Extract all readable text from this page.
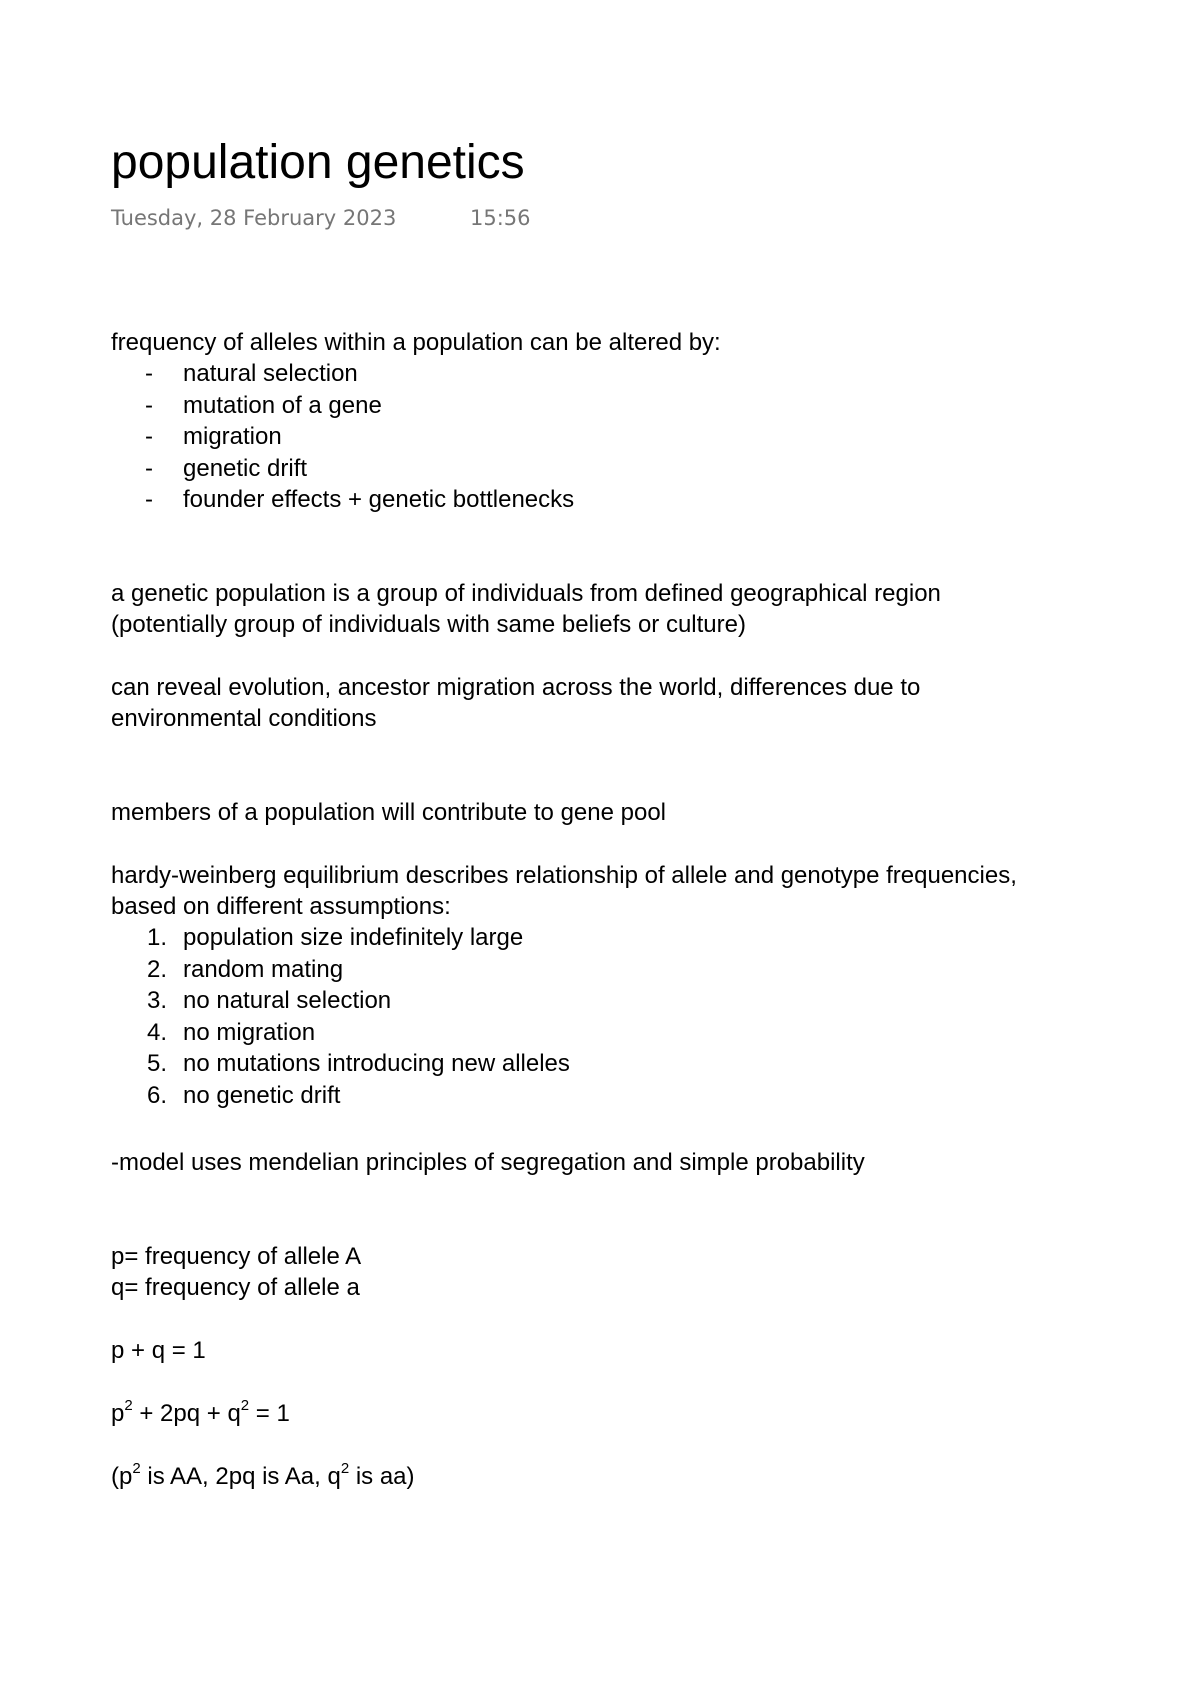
population genetics
Tuesday, 28 February 2023	15:56

frequency of alleles within a population can be altered by:

-	natural selection
-	mutation of a gene
-	migration
-	genetic drift
-	founder effects + genetic bottlenecks

a genetic population is a group of individuals from defined geographical region

(potentially group of individuals with same beliefs or culture)

can reveal evolution, ancestor migration across the world, differences due to

environmental conditions

members of a population will contribute to gene pool

hardy-weinberg equilibrium describes relationship of allele and genotype frequencies,

based on different assumptions:

1. population size indefinitely large
2. random mating
3. no natural selection
4. no migration
5. no mutations introducing new alleles
6. no genetic drift

-model uses mendelian principles of segregation and simple probability

p= frequency of allele A

q= frequency of allele a

p + q = 1

$p^2 + 2pq + q^2 = 1$

($p^2$ is AA, 2pq is Aa, $q^2$ is aa)
